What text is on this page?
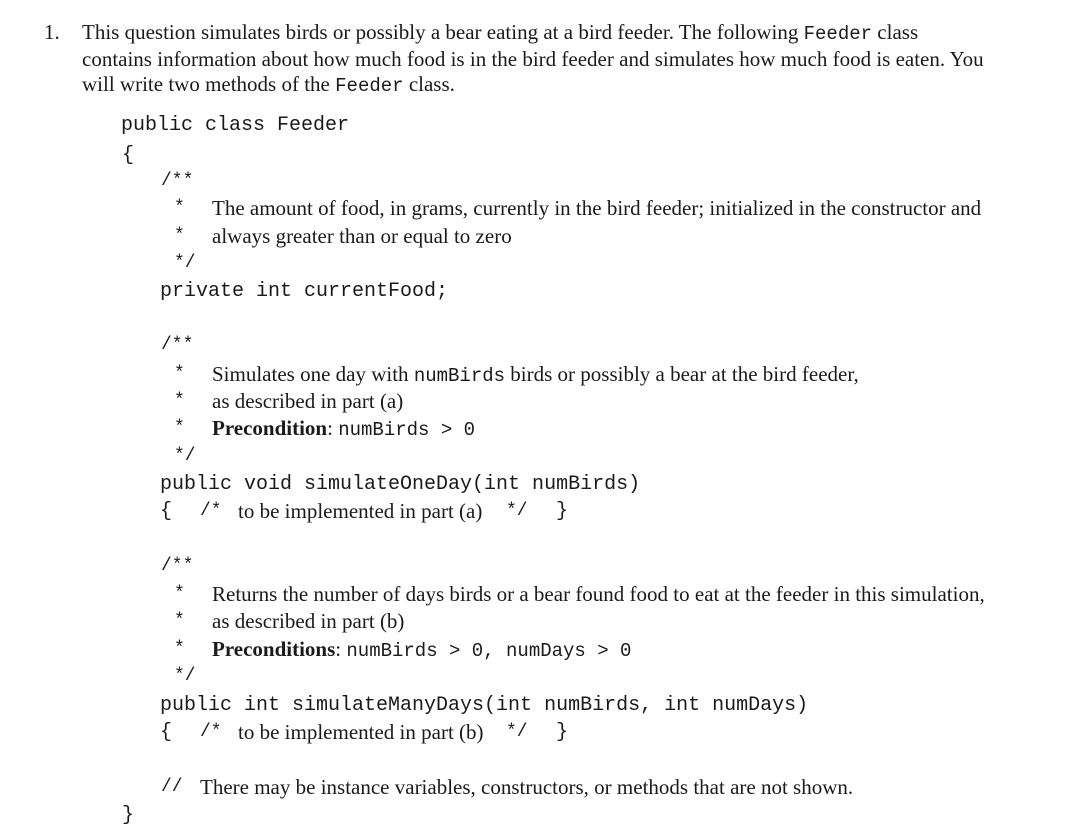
1. This question simulates birds or possibly a bear eating at a bird feeder. The following Feeder class
contains information about how much food is in the bird feeder and simulates how much food is eaten. You
will write two methods of the Feeder class.
public class Feeder
{
/**
* The amount of food, in grams, currently in the bird feeder; initialized in the constructor and
* always greater than or equal to zero
*/
private int currentFood;
/**
* Simulates one day with numBirds birds or possibly a bear at the bird feeder,
* as described in part (a)
* Precondition: numBirds > 0
*/
public void simulateOneDay(int numBirds)
{ /* to be implemented in part (a) */ }
/**
* Returns the number of days birds or a bear found food to eat at the feeder in this simulation,
* as described in part (b)
* Preconditions: numBirds > 0, numDays > 0
*/
public int simulateManyDays(int numBirds, int numDays)
{ /* to be implemented in part (b) */ }
// There may be instance variables, constructors, or methods that are not shown.
}
